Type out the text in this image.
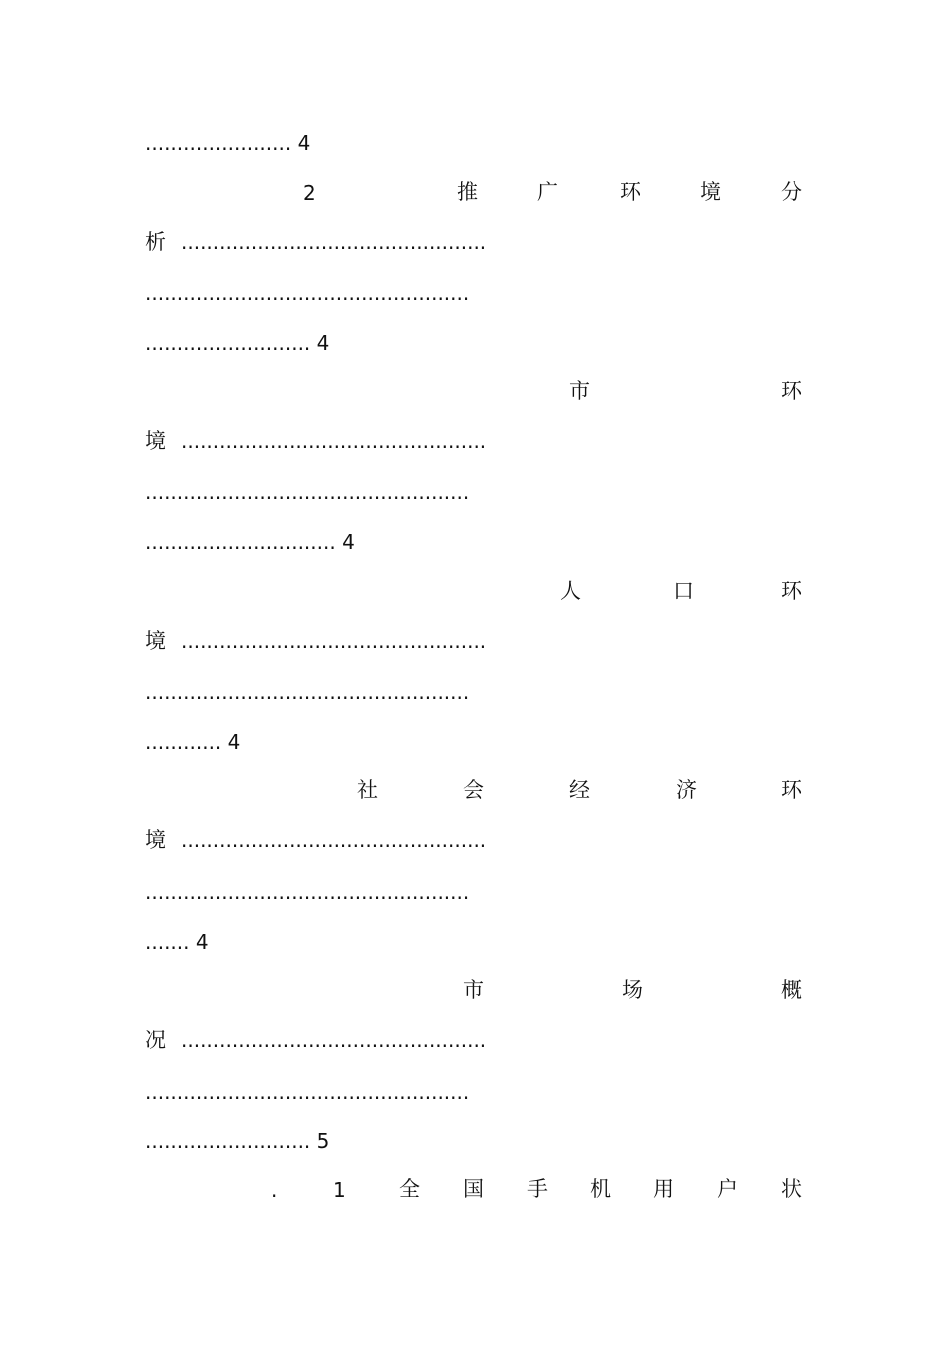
....................... 4
2	推	广	环	境	分
析 ................................................
...................................................
.......................... 4
市	环
境 ................................................
...................................................
.............................. 4
人	口	环
境 ................................................
...................................................
............ 4
社	会	经	济	环
境 ................................................
...................................................
....... 4
市	场	概
况 ................................................
...................................................
.......................... 5
.	1	全 国 手 机 用 户 状
